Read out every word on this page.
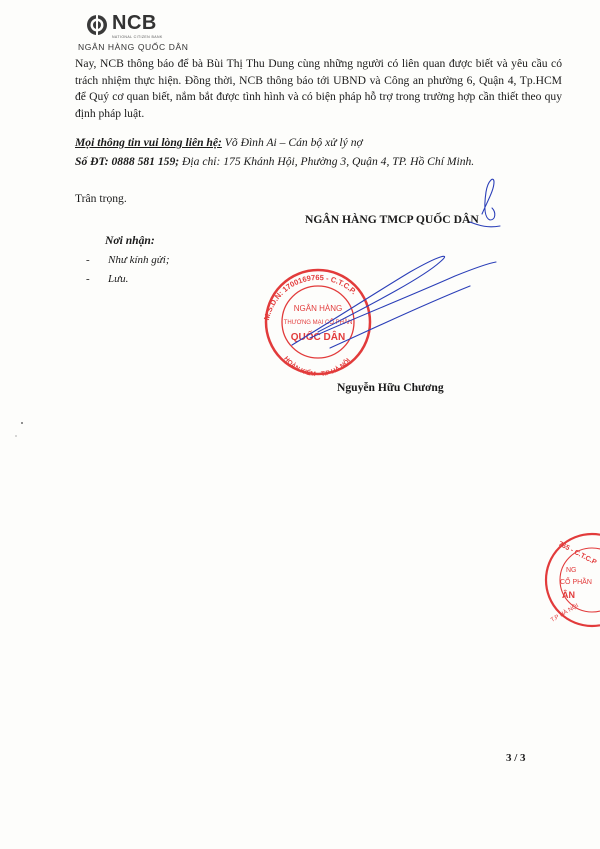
NCB
NATIONAL CITIZEN BANK
NGÂN HÀNG QUỐC DÂN

Nay, NCB thông báo để bà Bùi Thị Thu Dung cùng những người có liên quan được biết và yêu cầu có trách nhiệm thực hiện. Đồng thời, NCB thông báo tới UBND và Công an phường 6, Quận 4, Tp.HCM để Quý cơ quan biết, nắm bắt được tình hình và có biện pháp hỗ trợ trong trường hợp cần thiết theo quy định pháp luật.

Mọi thông tin vui lòng liên hệ: Võ Đình Ai – Cán bộ xử lý nợ
Số ĐT: 0888 581 159; Địa chỉ: 175 Khánh Hội, Phường 3, Quận 4, TP. Hồ Chí Minh.
Trân trọng.
NGÂN HÀNG TMCP QUỐC DÂN
Nơi nhận:
- Như kính gửi;
- Lưu.
Nguyễn Hữu Chương
3 / 3
M.S.D.N: 1700169765 - C.T.C.P.
HOÀN KIẾM - T.P HÀ NỘI
NGÂN HÀNG
THƯƠNG MẠI CỔ PHẦN
QUỐC DÂN
765 - C.T.C.P
NG
CỔ PHẦN
ÂN
T.P HÀ NỘI
